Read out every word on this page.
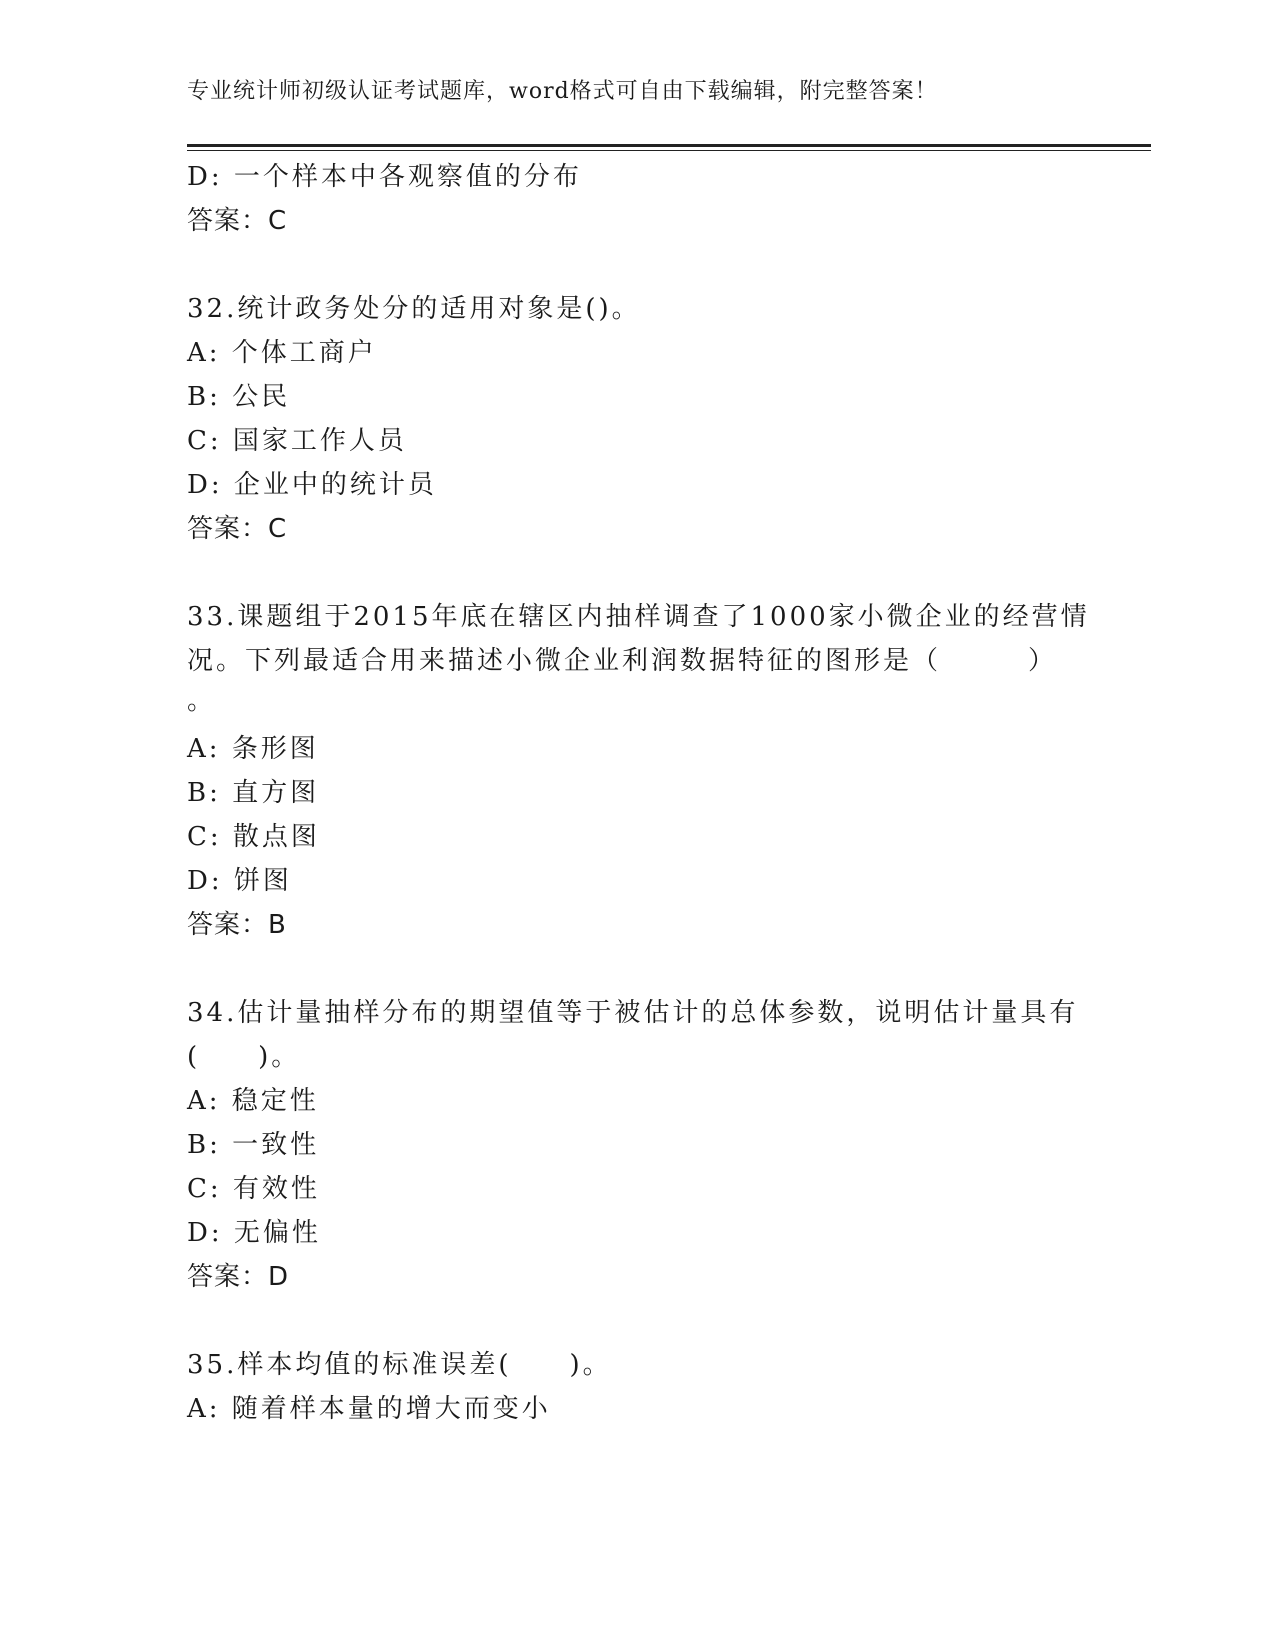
专业统计师初级认证考试题库，word格式可自由下载编辑，附完整答案！
D: 一个样本中各观察值的分布
答案：C
32.统计政务处分的适用对象是()。
A: 个体工商户
B: 公民
C: 国家工作人员
D: 企业中的统计员
答案：C
33.课题组于2015年底在辖区内抽样调查了1000家小微企业的经营情
况。下列最适合用来描述小微企业利润数据特征的图形是（　　　）
。
A: 条形图
B: 直方图
C: 散点图
D: 饼图
答案：B
34.估计量抽样分布的期望值等于被估计的总体参数，说明估计量具有
(　　)。
A: 稳定性
B: 一致性
C: 有效性
D: 无偏性
答案：D
35.样本均值的标准误差(　　)。
A: 随着样本量的增大而变小
